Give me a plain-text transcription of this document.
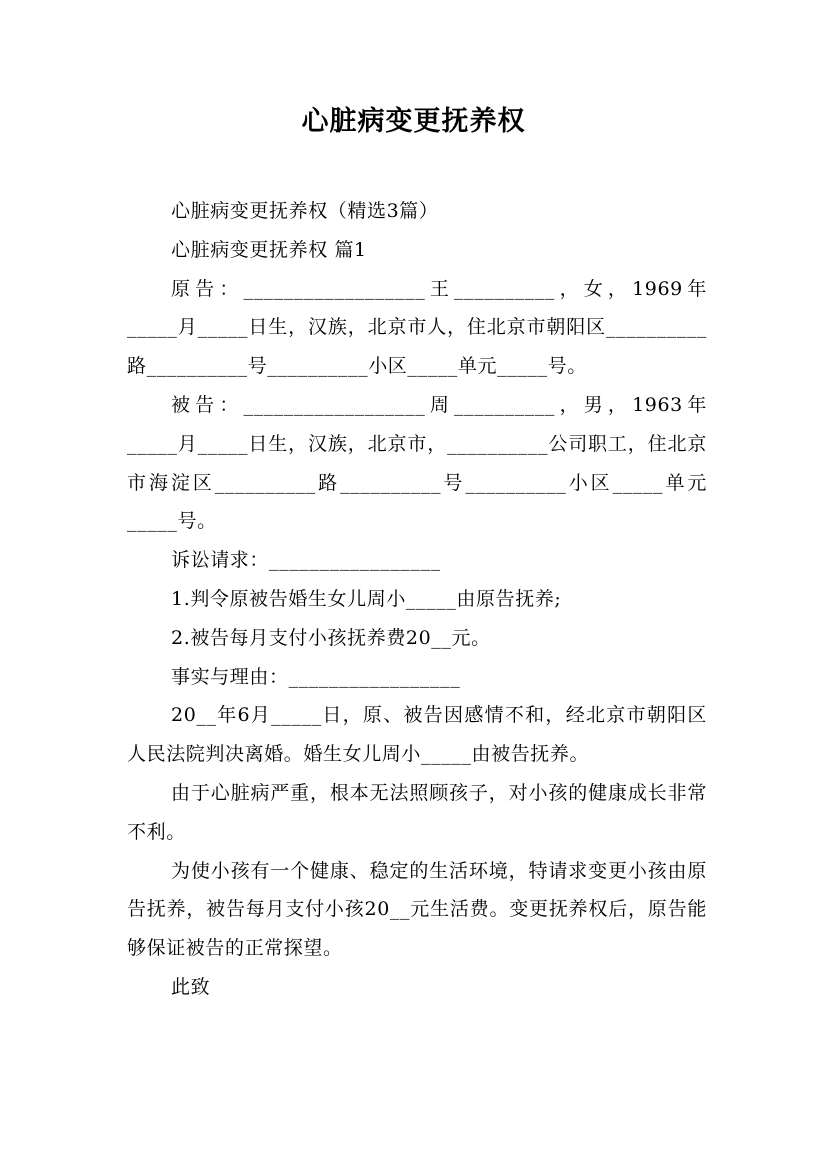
心脏病变更抚养权

心脏病变更抚养权（精选3篇）

心脏病变更抚养权 篇1

原告：__________________王__________，女，1969年_____月_____日生，汉族，北京市人，住北京市朝阳区__________路__________号__________小区_____单元_____号。

被告：__________________周__________，男，1963年_____月_____日生，汉族，北京市，__________公司职工，住北京市海淀区__________路__________号__________小区_____单元_____号。

诉讼请求：_________________

1.判令原被告婚生女儿周小_____由原告抚养;

2.被告每月支付小孩抚养费20__元。

事实与理由：_________________

20__年6月_____日，原、被告因感情不和，经北京市朝阳区人民法院判决离婚。婚生女儿周小_____由被告抚养。

由于心脏病严重，根本无法照顾孩子，对小孩的健康成长非常不利。

为使小孩有一个健康、稳定的生活环境，特请求变更小孩由原告抚养，被告每月支付小孩20__元生活费。变更抚养权后，原告能够保证被告的正常探望。

此致
